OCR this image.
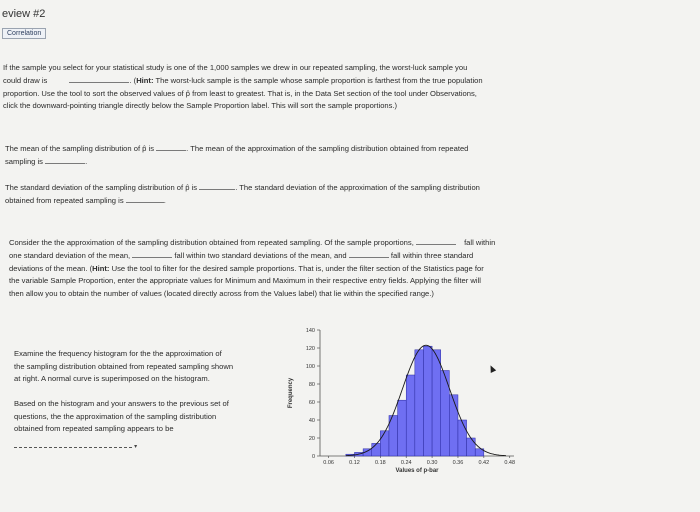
eview #2
Correlation
If the sample you select for your statistical study is one of the 1,000 samples we drew in our repeated sampling, the worst-luck sample you
could draw is	. (Hint: The worst-luck sample is the sample whose sample proportion is farthest from the true population
proportion. Use the tool to sort the observed values of p̂ from least to greatest. That is, in the Data Set section of the tool under Observations,
click the downward-pointing triangle directly below the Sample Proportion label. This will sort the sample proportions.)
The mean of the sampling distribution of p̂ is	. The mean of the approximation of the sampling distribution obtained from repeated
sampling is	.
The standard deviation of the sampling distribution of p̂ is	. The standard deviation of the approximation of the sampling distribution
obtained from repeated sampling is	.
Consider the the approximation of the sampling distribution obtained from repeated sampling. Of the sample proportions,	fall within
one standard deviation of the mean,	fall within two standard deviations of the mean, and	fall within three standard
deviations of the mean. (Hint: Use the tool to filter for the desired sample proportions. That is, under the filter section of the Statistics page for
the variable Sample Proportion, enter the appropriate values for Minimum and Maximum in their respective entry fields. Applying the filter will
then allow you to obtain the number of values (located directly across from the Values label) that lie within the specified range.)
Examine the frequency histogram for the the approximation of
the sampling distribution obtained from repeated sampling shown
at right. A normal curve is superimposed on the histogram.
Based on the histogram and your answers to the previous set of
questions, the the approximation of the sampling distribution
obtained from repeated sampling appears to be
▾
0
20
40
60
80
100
120
140
0.06	0.12	0.18	0.24	0.30	0.36	0.42	0.48
Values of p-bar
Frequency
